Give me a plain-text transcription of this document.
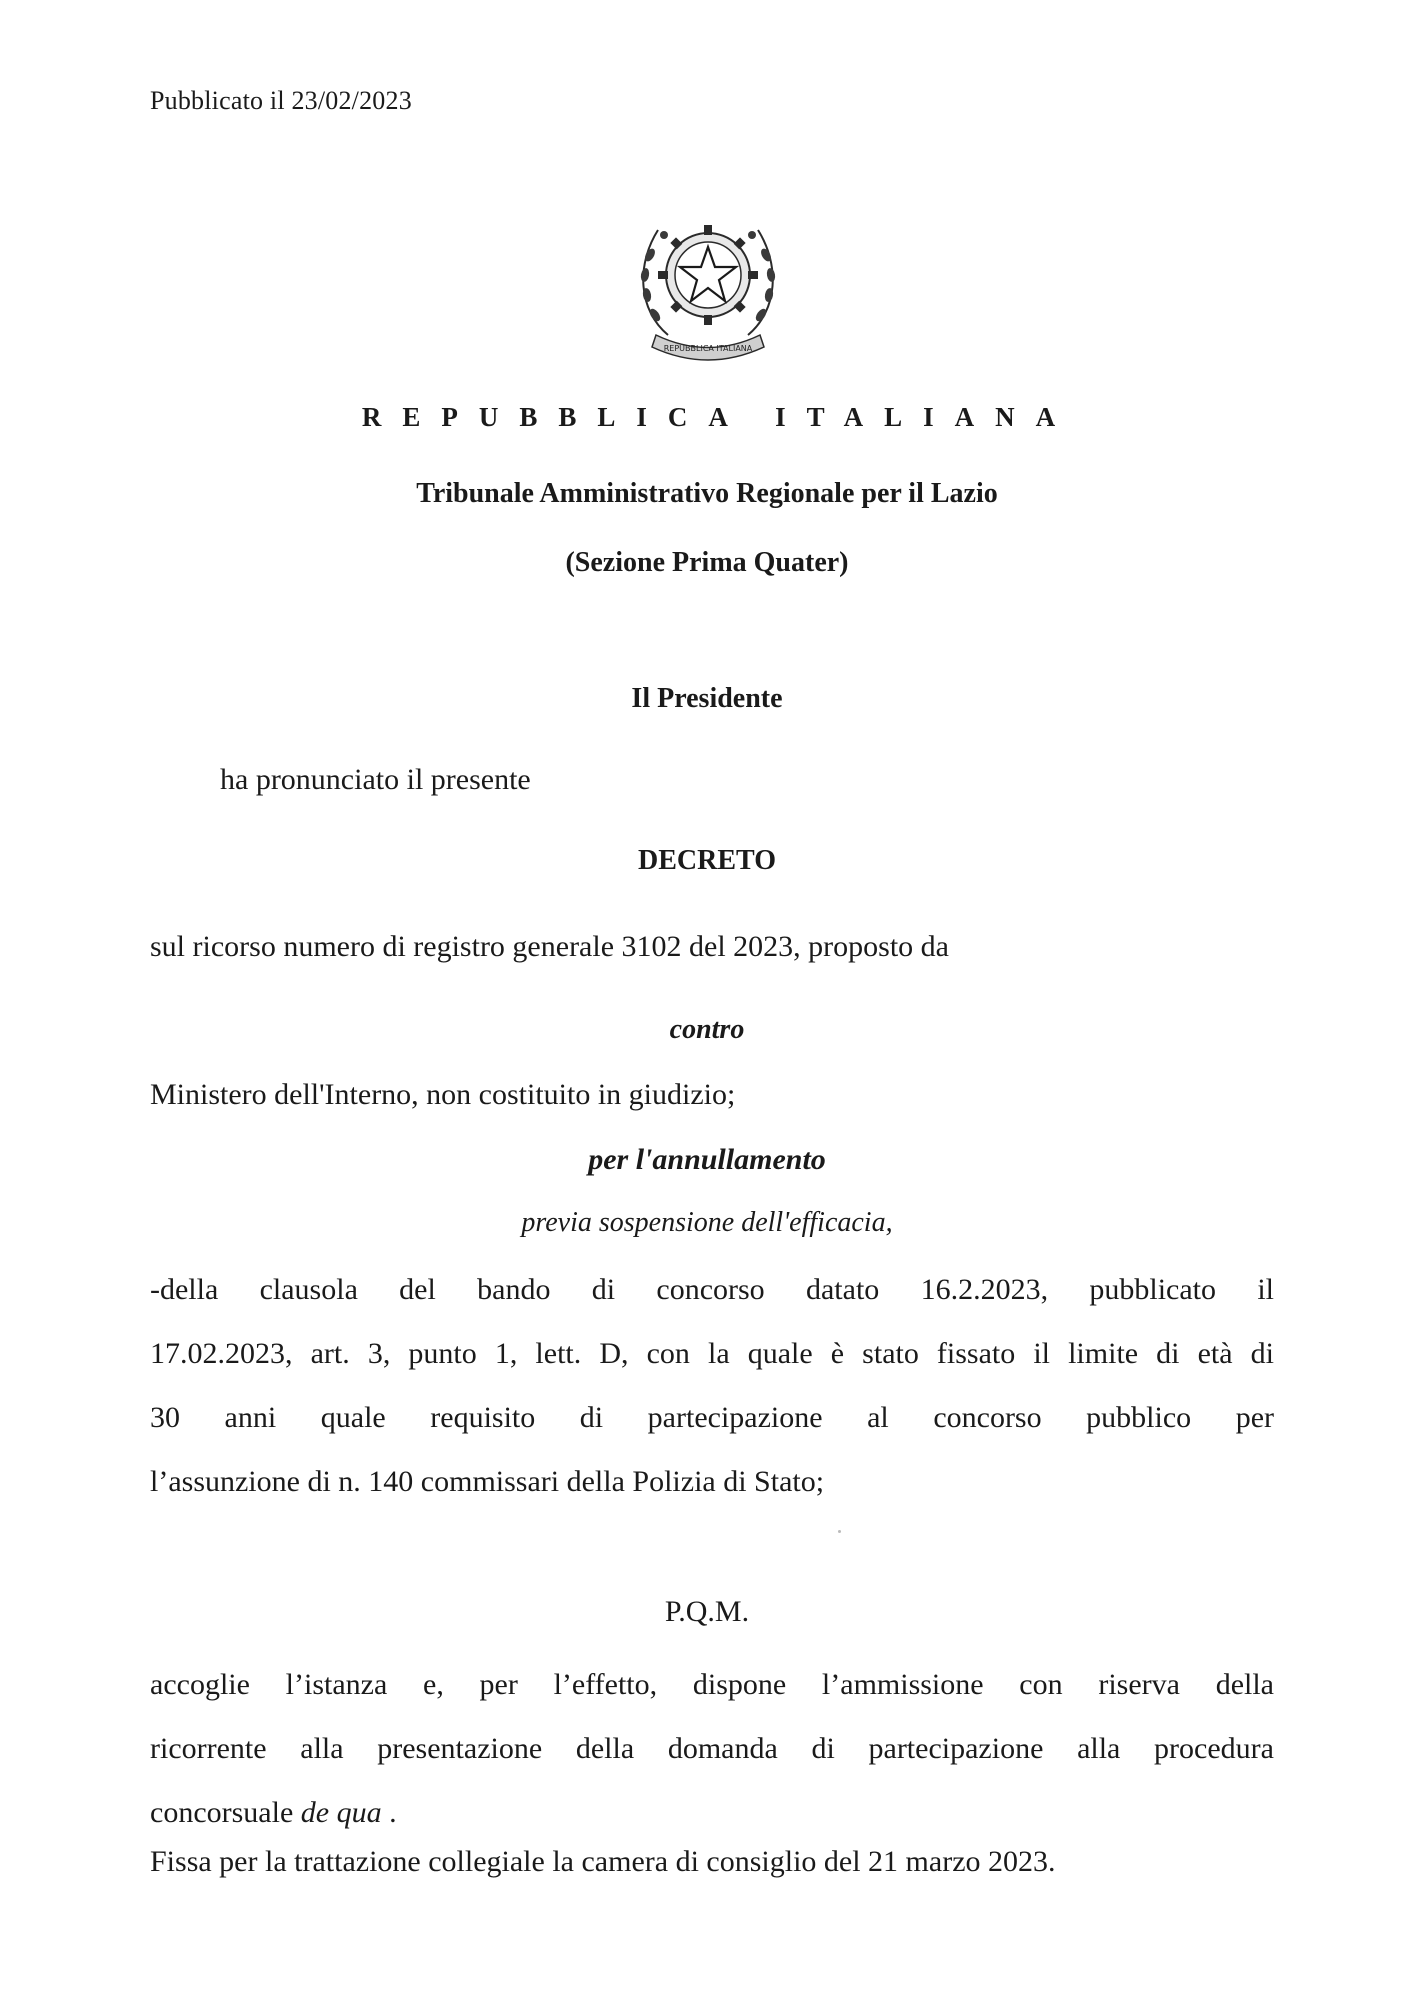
Pubblicato il 23/02/2023
REPUBBLICA ITALIANA
REPUBBLICA ITALIANA
Tribunale Amministrativo Regionale per il Lazio
(Sezione Prima Quater)
Il Presidente
ha pronunciato il presente
DECRETO
sul ricorso numero di registro generale 3102 del 2023, proposto da
contro
Ministero dell'Interno, non costituito in giudizio;
per l'annullamento
previa sospensione dell'efficacia,
-della clausola del bando di concorso datato 16.2.2023, pubblicato il
17.02.2023, art. 3, punto 1, lett. D, con la quale è stato fissato il limite di età di
30 anni quale requisito di partecipazione al concorso pubblico per
l’assunzione di n. 140 commissari della Polizia di Stato;
P.Q.M.
accoglie l’istanza e, per l’effetto, dispone l’ammissione con riserva della
ricorrente alla presentazione della domanda di partecipazione alla procedura
concorsuale de qua .
Fissa per la trattazione collegiale la camera di consiglio del 21 marzo 2023.
